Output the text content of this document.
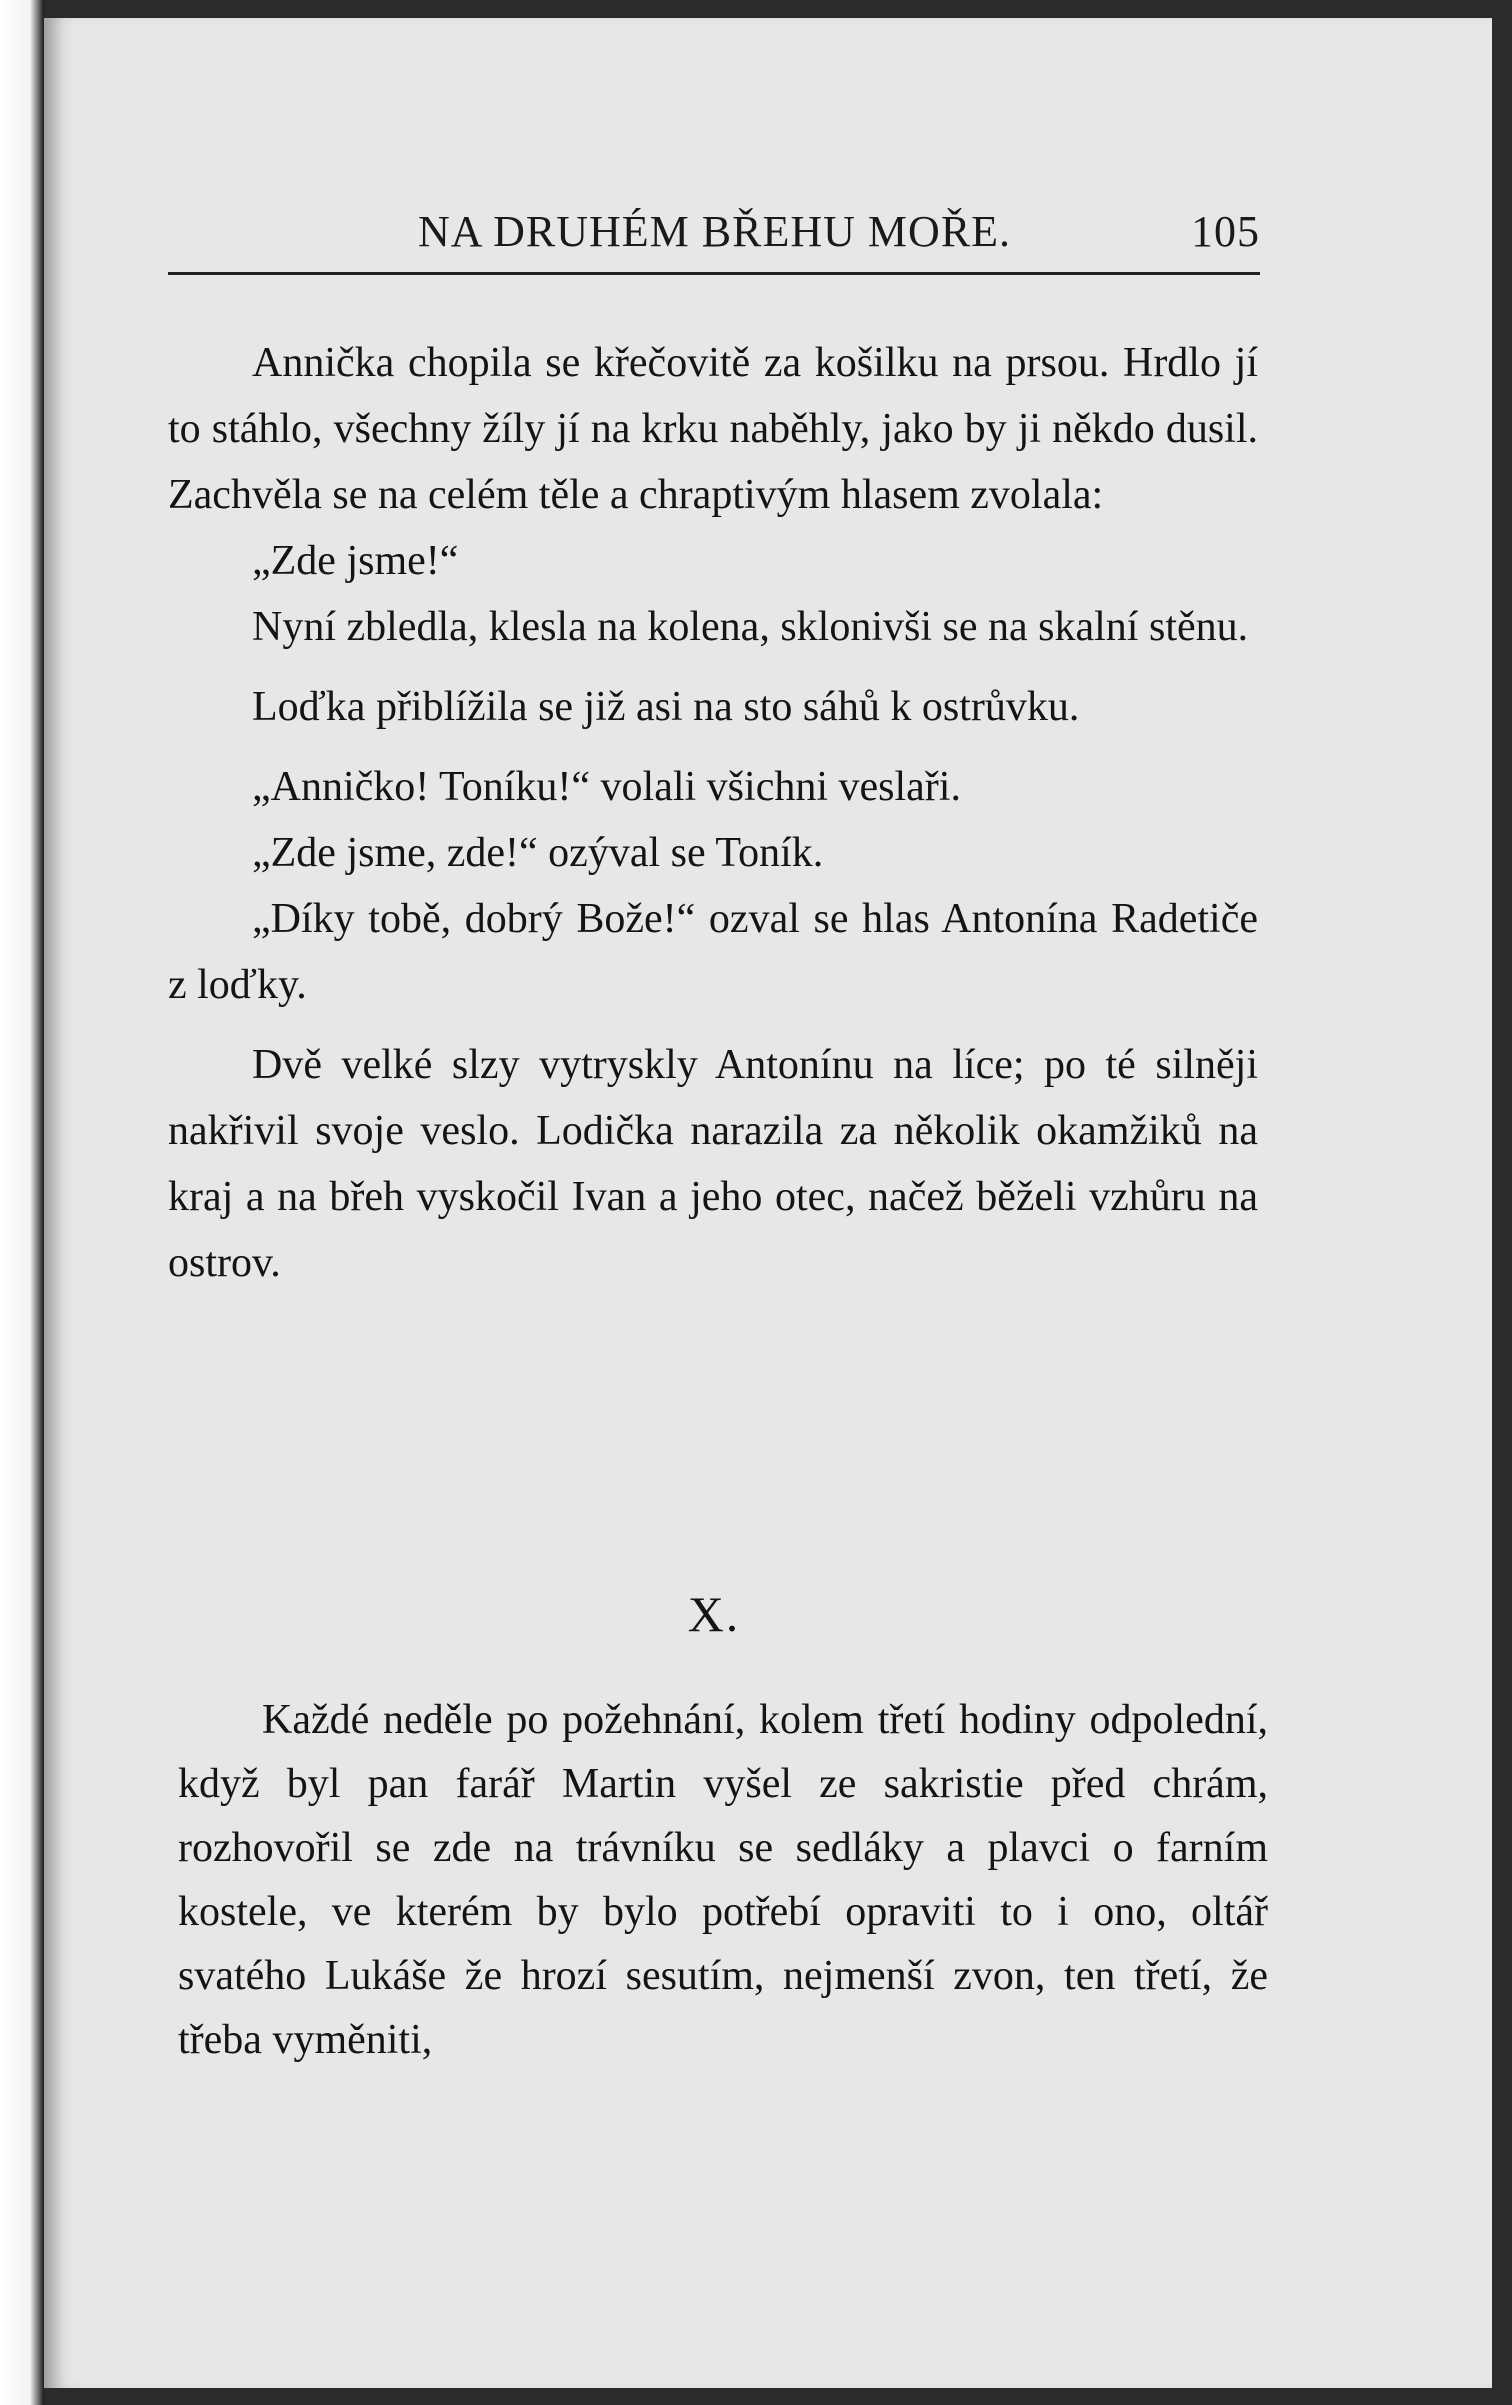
NA DRUHÉM BŘEHU MOŘE.	105

Annička chopila se křečovitě za košilku na prsou. Hrdlo jí to stáhlo, všechny žíly jí na krku naběhly, jako by ji někdo dusil. Zachvěla se na celém těle a chraptivým hlasem zvolala:

„Zde jsme!“

Nyní zbledla, klesla na kolena, sklonivši se na skalní stěnu.

Loďka přiblížila se již asi na sto sáhů k ostrůvku.

„Anničko! Toníku!“ volali všichni veslaři.

„Zde jsme, zde!“ ozýval se Toník.

„Díky tobě, dobrý Bože!“ ozval se hlas Antonína Radetiče z loďky.

Dvě velké slzy vytryskly Antonínu na líce; po té silněji nakřivil svoje veslo. Lodička narazila za několik okamžiků na kraj a na břeh vyskočil Ivan a jeho otec, načež běželi vzhůru na ostrov.

X.

Každé neděle po požehnání, kolem třetí hodiny odpolední, když byl pan farář Martin vyšel ze sakristie před chrám, rozhovořil se zde na trávníku se sedláky a plavci o farním kostele, ve kterém by bylo potřebí opraviti to i ono, oltář svatého Lukáše že hrozí sesutím, nejmenší zvon, ten třetí, že třeba vyměniti,
